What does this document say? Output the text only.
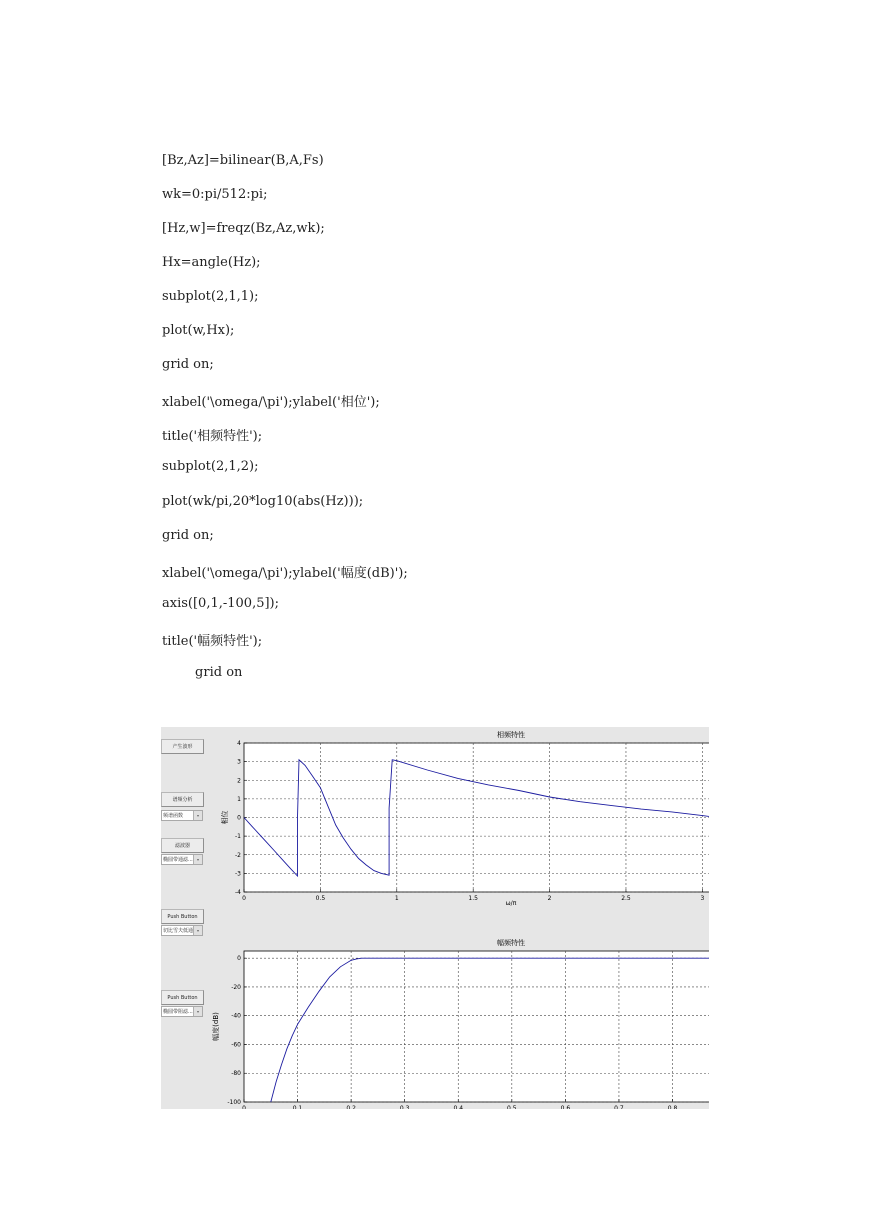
[Bz,Az]=bilinear(B,A,Fs)
wk=0:pi/512:pi;
[Hz,w]=freqz(Bz,Az,wk);
Hx=angle(Hz);
subplot(2,1,1);
plot(w,Hx);
grid on;
xlabel('\omega/\pi');ylabel('相位');
title('相频特性');
subplot(2,1,2);
plot(wk/pi,20*log10(abs(Hz)));
grid on;
xlabel('\omega/\pi');ylabel('幅度(dB)');
axis([0,1,-100,5]);
title('幅频特性');
grid on
产生波形
谱频分析
频谱函数	▾
滤波器
椭圆带通滤...	▾
Push Button
切比雪夫低通 ▾
Push Button
椭圆带阻滤...	▾
0	0.5	1	1.5	2	2.5	3
-4
-3
-2
-1
0
1
2
3
4
相频特性
ω/π
相位
0	0.1	0.2	0.3	0.4	0.5	0.6	0.7	0.8
-100
-80
-60
-40
-20
0
幅频特性
幅度(dB)
